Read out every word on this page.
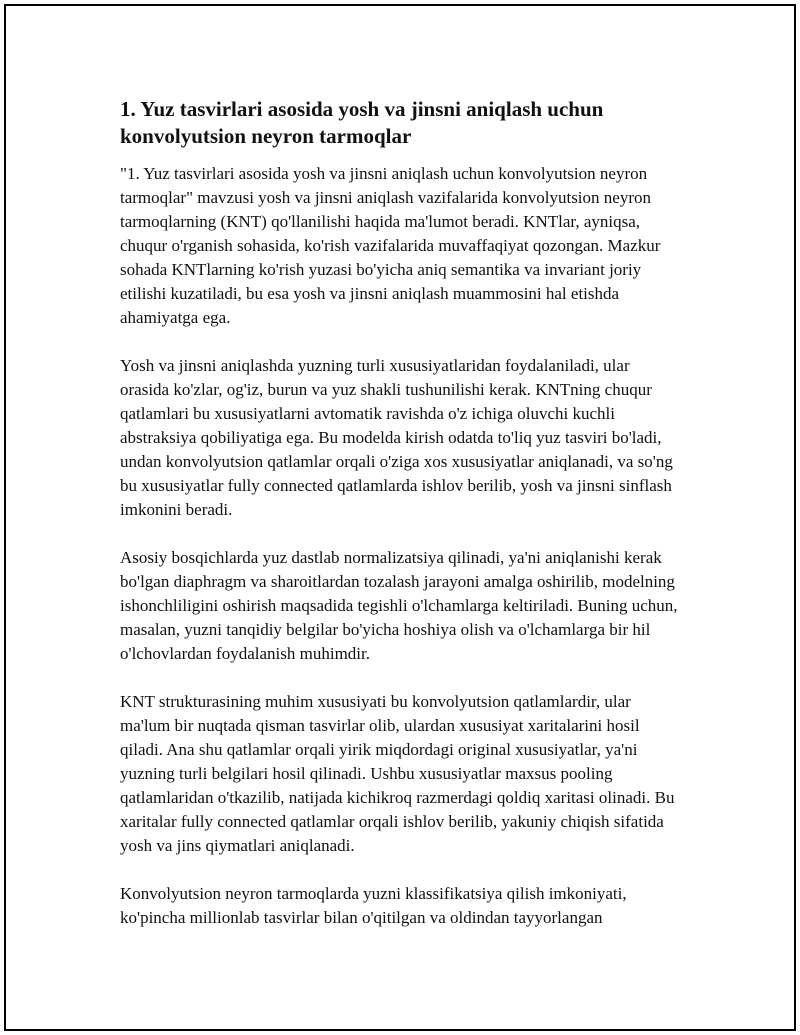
1. Yuz tasvirlari asosida yosh va jinsni aniqlash uchun konvolyutsion neyron tarmoqlar

"1. Yuz tasvirlari asosida yosh va jinsni aniqlash uchun konvolyutsion neyron tarmoqlar" mavzusi yosh va jinsni aniqlash vazifalarida konvolyutsion neyron tarmoqlarning (KNT) qo'llanilishi haqida ma'lumot beradi. KNTlar, ayniqsa, chuqur o'rganish sohasida, ko'rish vazifalarida muvaffaqiyat qozongan. Mazkur sohada KNTlarning ko'rish yuzasi bo'yicha aniq semantika va invariant joriy etilishi kuzatiladi, bu esa yosh va jinsni aniqlash muammosini hal etishda ahamiyatga ega.

Yosh va jinsni aniqlashda yuzning turli xususiyatlaridan foydalaniladi, ular orasida ko'zlar, og'iz, burun va yuz shakli tushunilishi kerak. KNTning chuqur qatlamlari bu xususiyatlarni avtomatik ravishda o'z ichiga oluvchi kuchli abstraksiya qobiliyatiga ega. Bu modelda kirish odatda to'liq yuz tasviri bo'ladi, undan konvolyutsion qatlamlar orqali o'ziga xos xususiyatlar aniqlanadi, va so'ng bu xususiyatlar fully connected qatlamlarda ishlov berilib, yosh va jinsni sinflash imkonini beradi.

Asosiy bosqichlarda yuz dastlab normalizatsiya qilinadi, ya'ni aniqlanishi kerak bo'lgan diaphragm va sharoitlardan tozalash jarayoni amalga oshirilib, modelning ishonchliligini oshirish maqsadida tegishli o'lchamlarga keltiriladi. Buning uchun, masalan, yuzni tanqidiy belgilar bo'yicha hoshiya olish va o'lchamlarga bir hil o'lchovlardan foydalanish muhimdir.

KNT strukturasining muhim xususiyati bu konvolyutsion qatlamlardir, ular ma'lum bir nuqtada qisman tasvirlar olib, ulardan xususiyat xaritalarini hosil qiladi. Ana shu qatlamlar orqali yirik miqdordagi original xususiyatlar, ya'ni yuzning turli belgilari hosil qilinadi. Ushbu xususiyatlar maxsus pooling qatlamlaridan o'tkazilib, natijada kichikroq razmerdagi qoldiq xaritasi olinadi. Bu xaritalar fully connected qatlamlar orqali ishlov berilib, yakuniy chiqish sifatida yosh va jins qiymatlari aniqlanadi.

Konvolyutsion neyron tarmoqlarda yuzni klassifikatsiya qilish imkoniyati, ko'pincha millionlab tasvirlar bilan o'qitilgan va oldindan tayyorlangan
